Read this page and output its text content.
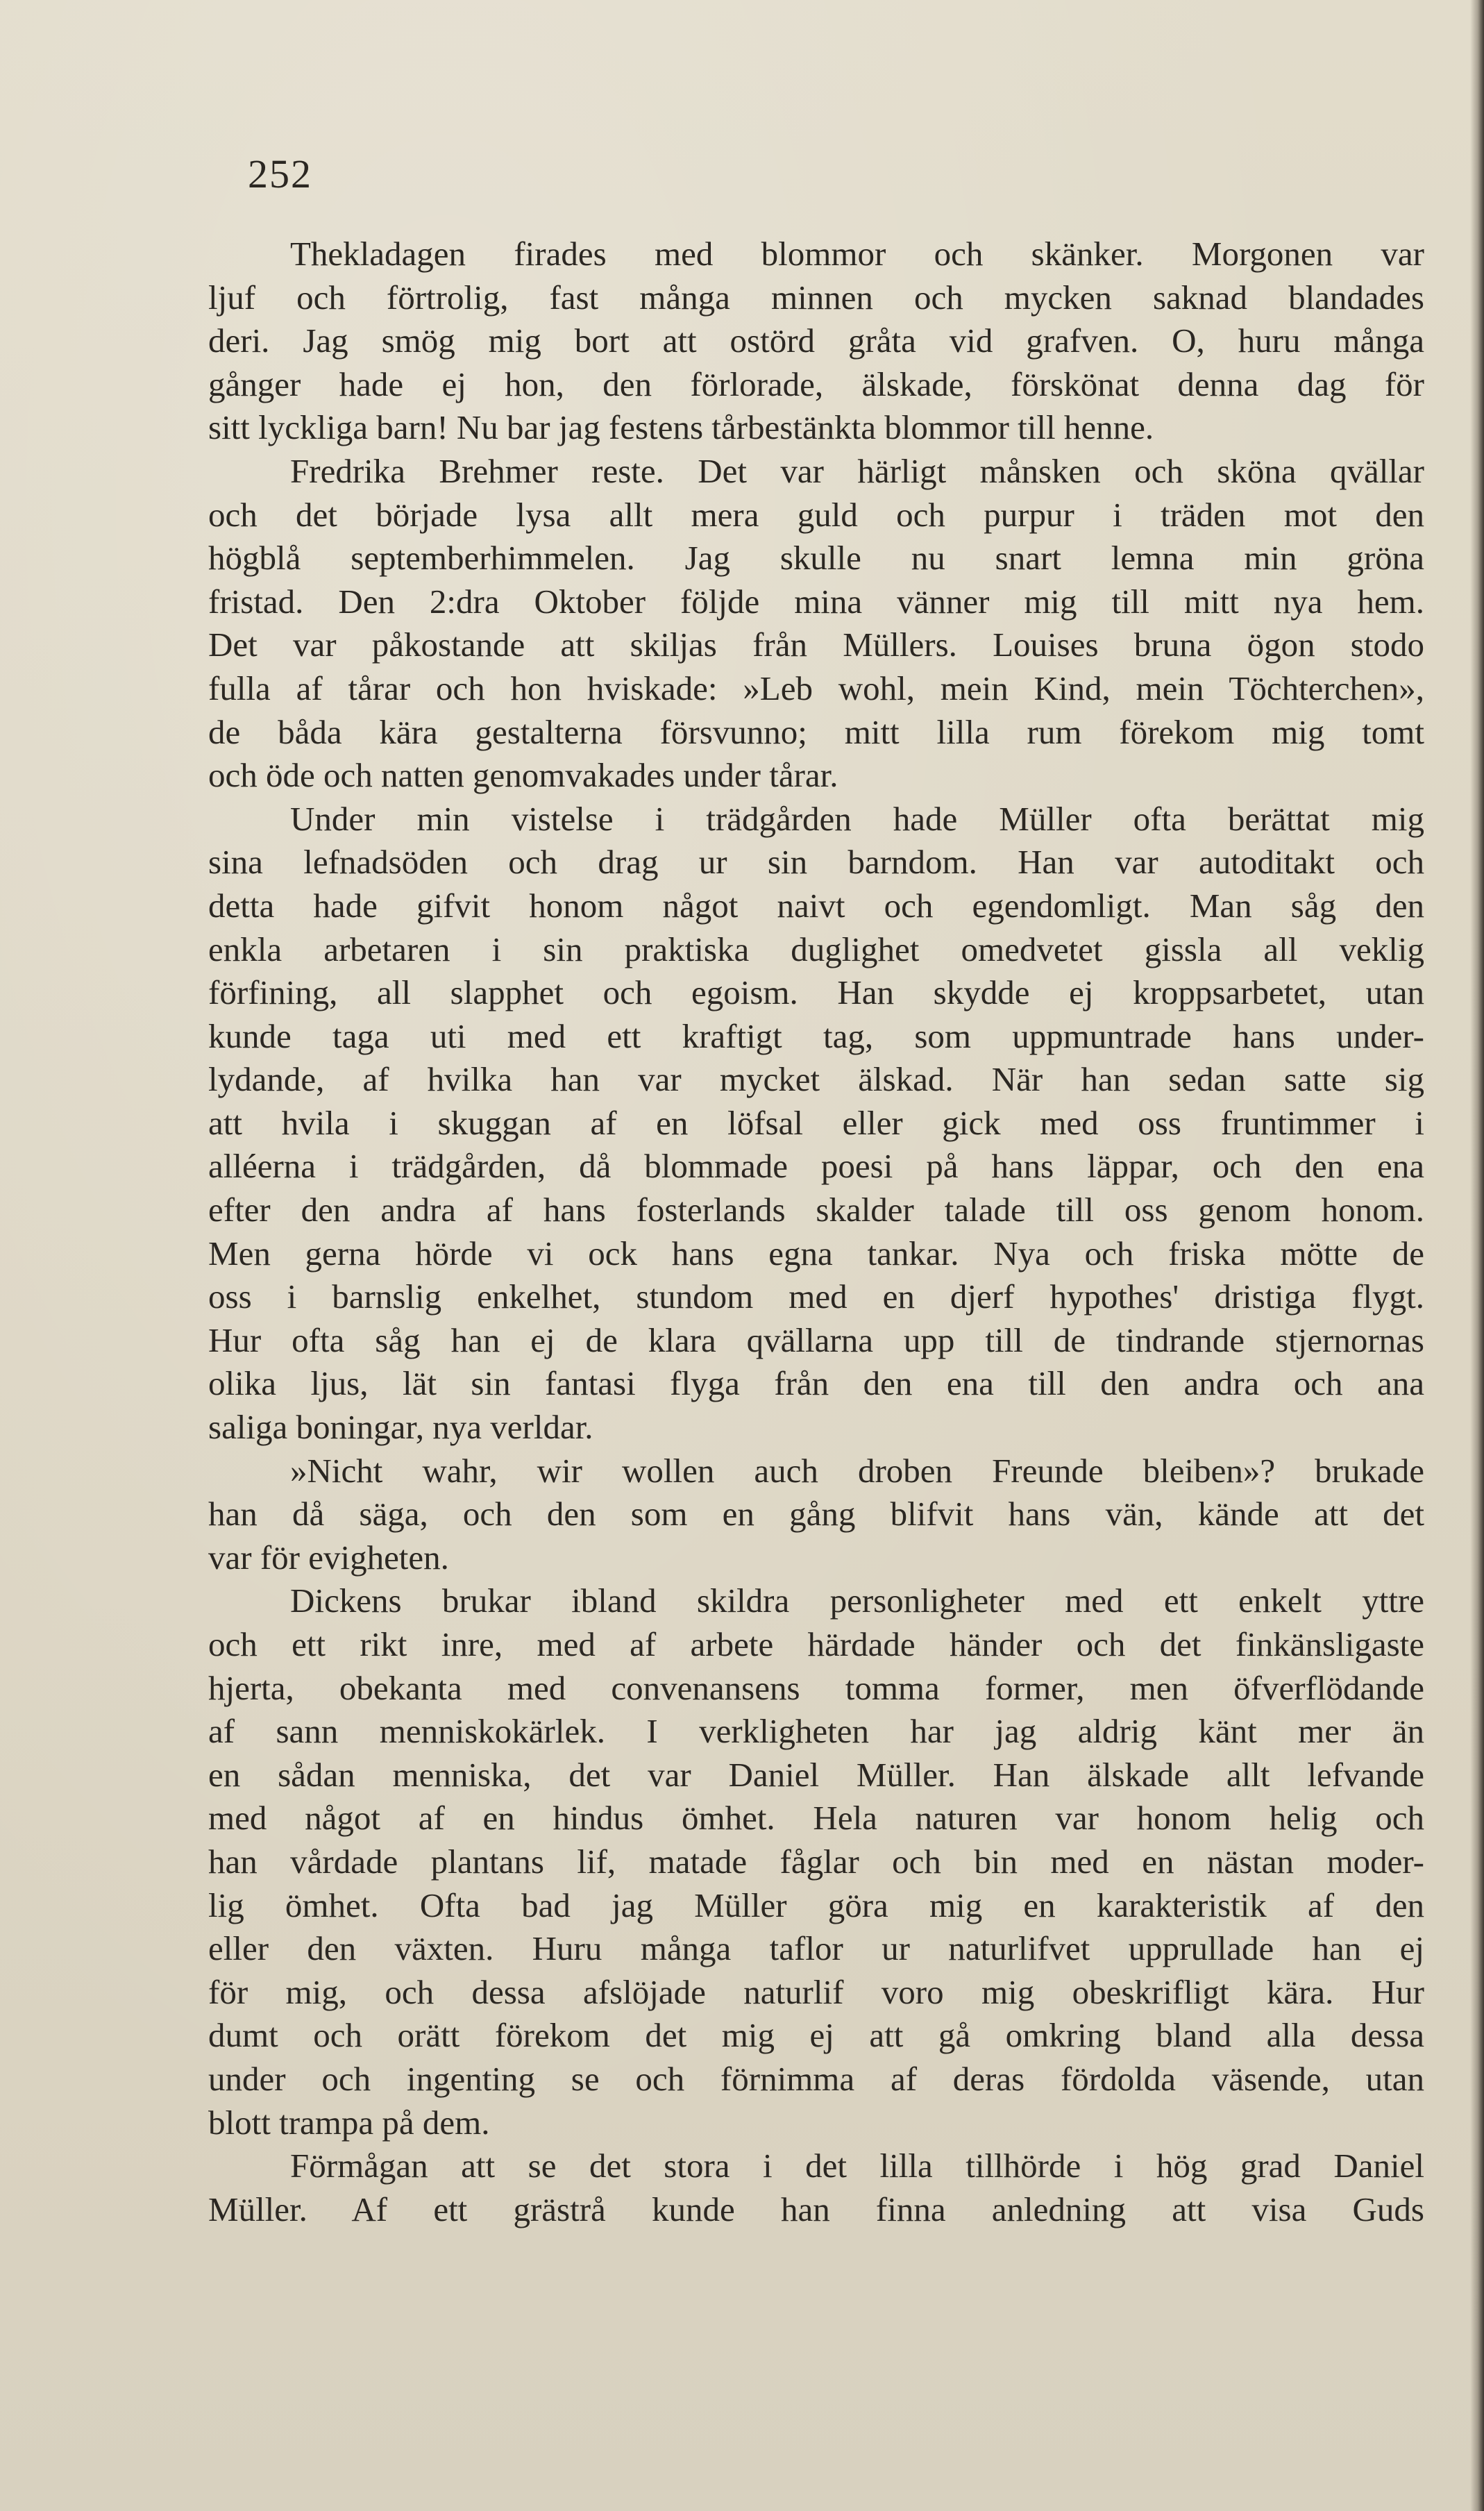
252
Thekladagen firades med blommor och skänker. Morgonen var
ljuf och förtrolig, fast många minnen och mycken saknad blandades
deri. Jag smög mig bort att ostörd gråta vid grafven. O, huru många
gånger hade ej hon, den förlorade, älskade, förskönat denna dag för
sitt lyckliga barn! Nu bar jag festens tårbestänkta blommor till henne.
Fredrika Brehmer reste. Det var härligt månsken och sköna qvällar
och det började lysa allt mera guld och purpur i träden mot den
högblå septemberhimmelen. Jag skulle nu snart lemna min gröna
fristad. Den 2:dra Oktober följde mina vänner mig till mitt nya hem.
Det var påkostande att skiljas från Müllers. Louises bruna ögon stodo
fulla af tårar och hon hviskade: »Leb wohl, mein Kind, mein Töchterchen»,
de båda kära gestalterna försvunno; mitt lilla rum förekom mig tomt
och öde och natten genomvakades under tårar.
Under min vistelse i trädgården hade Müller ofta berättat mig
sina lefnadsöden och drag ur sin barndom. Han var autoditakt och
detta hade gifvit honom något naivt och egendomligt. Man såg den
enkla arbetaren i sin praktiska duglighet omedvetet gissla all veklig
förfining, all slapphet och egoism. Han skydde ej kroppsarbetet, utan
kunde taga uti med ett kraftigt tag, som uppmuntrade hans under-
lydande, af hvilka han var mycket älskad. När han sedan satte sig
att hvila i skuggan af en löfsal eller gick med oss fruntimmer i
alléerna i trädgården, då blommade poesi på hans läppar, och den ena
efter den andra af hans fosterlands skalder talade till oss genom honom.
Men gerna hörde vi ock hans egna tankar. Nya och friska mötte de
oss i barnslig enkelhet, stundom med en djerf hypothes' dristiga flygt.
Hur ofta såg han ej de klara qvällarna upp till de tindrande stjernornas
olika ljus, lät sin fantasi flyga från den ena till den andra och ana
saliga boningar, nya verldar.
»Nicht wahr, wir wollen auch droben Freunde bleiben»? brukade
han då säga, och den som en gång blifvit hans vän, kände att det
var för evigheten.
Dickens brukar ibland skildra personligheter med ett enkelt yttre
och ett rikt inre, med af arbete härdade händer och det finkänsligaste
hjerta, obekanta med convenansens tomma former, men öfverflödande
af sann menniskokärlek. I verkligheten har jag aldrig känt mer än
en sådan menniska, det var Daniel Müller. Han älskade allt lefvande
med något af en hindus ömhet. Hela naturen var honom helig och
han vårdade plantans lif, matade fåglar och bin med en nästan moder-
lig ömhet. Ofta bad jag Müller göra mig en karakteristik af den
eller den växten. Huru många taflor ur naturlifvet upprullade han ej
för mig, och dessa afslöjade naturlif voro mig obeskrifligt kära. Hur
dumt och orätt förekom det mig ej att gå omkring bland alla dessa
under och ingenting se och förnimma af deras fördolda väsende, utan
blott trampa på dem.
Förmågan att se det stora i det lilla tillhörde i hög grad Daniel
Müller. Af ett grästrå kunde han finna anledning att visa Guds
